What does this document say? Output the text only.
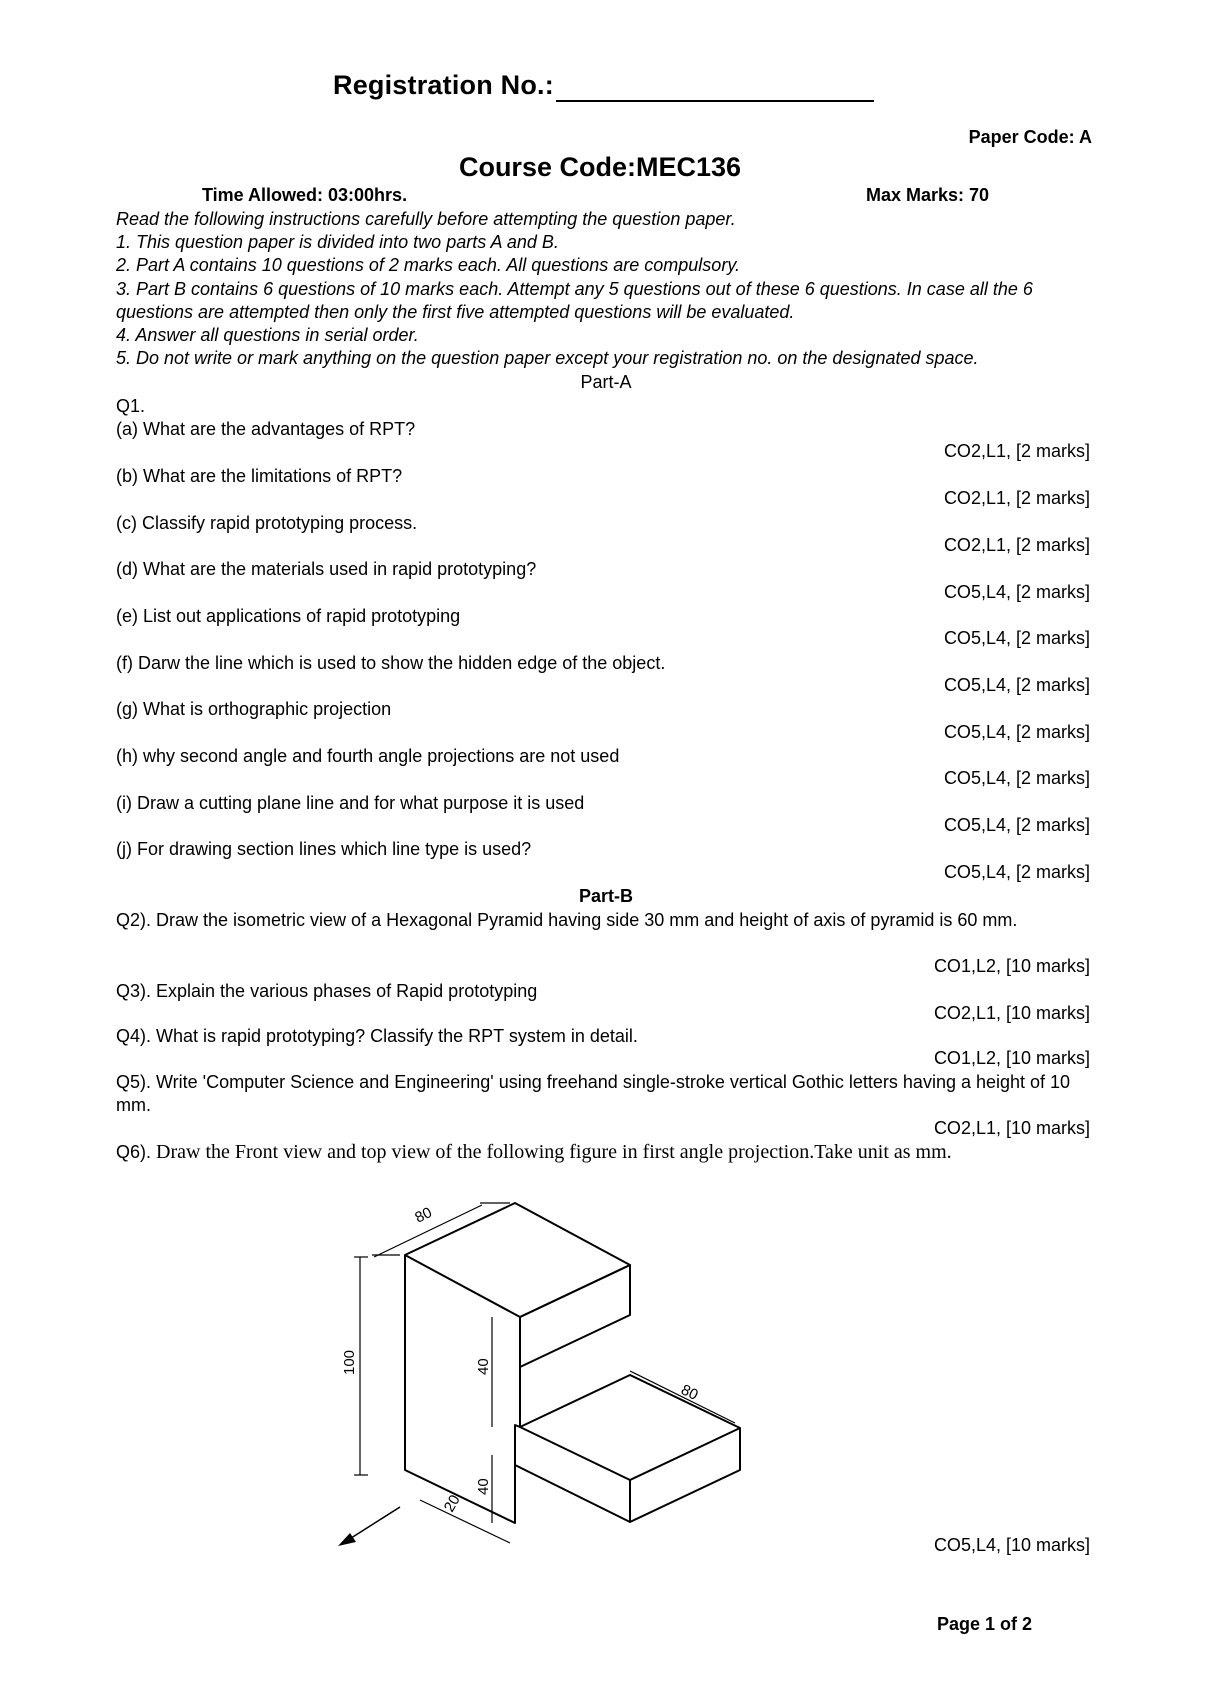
Registration No.:
Paper Code: A
Course Code:MEC136
Time Allowed: 03:00hrs.	Max Marks: 70
Read the following instructions carefully before attempting the question paper.
1. This question paper is divided into two parts A and B.
2. Part A contains 10 questions of 2 marks each. All questions are compulsory.
3. Part B contains 6 questions of 10 marks each. Attempt any 5 questions out of these 6 questions. In case all the 6 questions are attempted then only the first five attempted questions will be evaluated.
4. Answer all questions in serial order.
5. Do not write or mark anything on the question paper except your registration no. on the designated space.
Part-A
Q1.
(a) What are the advantages of RPT?
CO2,L1, [2 marks]
(b) What are the limitations of RPT?
CO2,L1, [2 marks]
(c) Classify rapid prototyping process.
CO2,L1, [2 marks]
(d) What are the materials used in rapid prototyping?
CO5,L4, [2 marks]
(e) List out applications of rapid prototyping
CO5,L4, [2 marks]
(f) Darw the line which is used to show the hidden edge of the object.
CO5,L4, [2 marks]
(g) What is orthographic projection
CO5,L4, [2 marks]
(h) why second angle and fourth angle projections are not used
CO5,L4, [2 marks]
(i) Draw a cutting plane line and for what purpose it is used
CO5,L4, [2 marks]
(j) For drawing section lines which line type is used?
CO5,L4, [2 marks]
Part-B
Q2). Draw the isometric view of a Hexagonal Pyramid having side 30 mm and height of axis of pyramid is 60 mm.
CO1,L2, [10 marks]
Q3). Explain the various phases of Rapid prototyping
CO2,L1, [10 marks]
Q4). What is rapid prototyping? Classify the RPT system in detail.
CO1,L2, [10 marks]
Q5). Write 'Computer Science and Engineering' using freehand single-stroke vertical Gothic letters having a height of 10 mm.
CO2,L1, [10 marks]
Q6). Draw the Front view and top view of the following figure in first angle projection.Take unit as mm.
80
80
100	40
40
20
CO5,L4, [10 marks]
Page 1 of 2
